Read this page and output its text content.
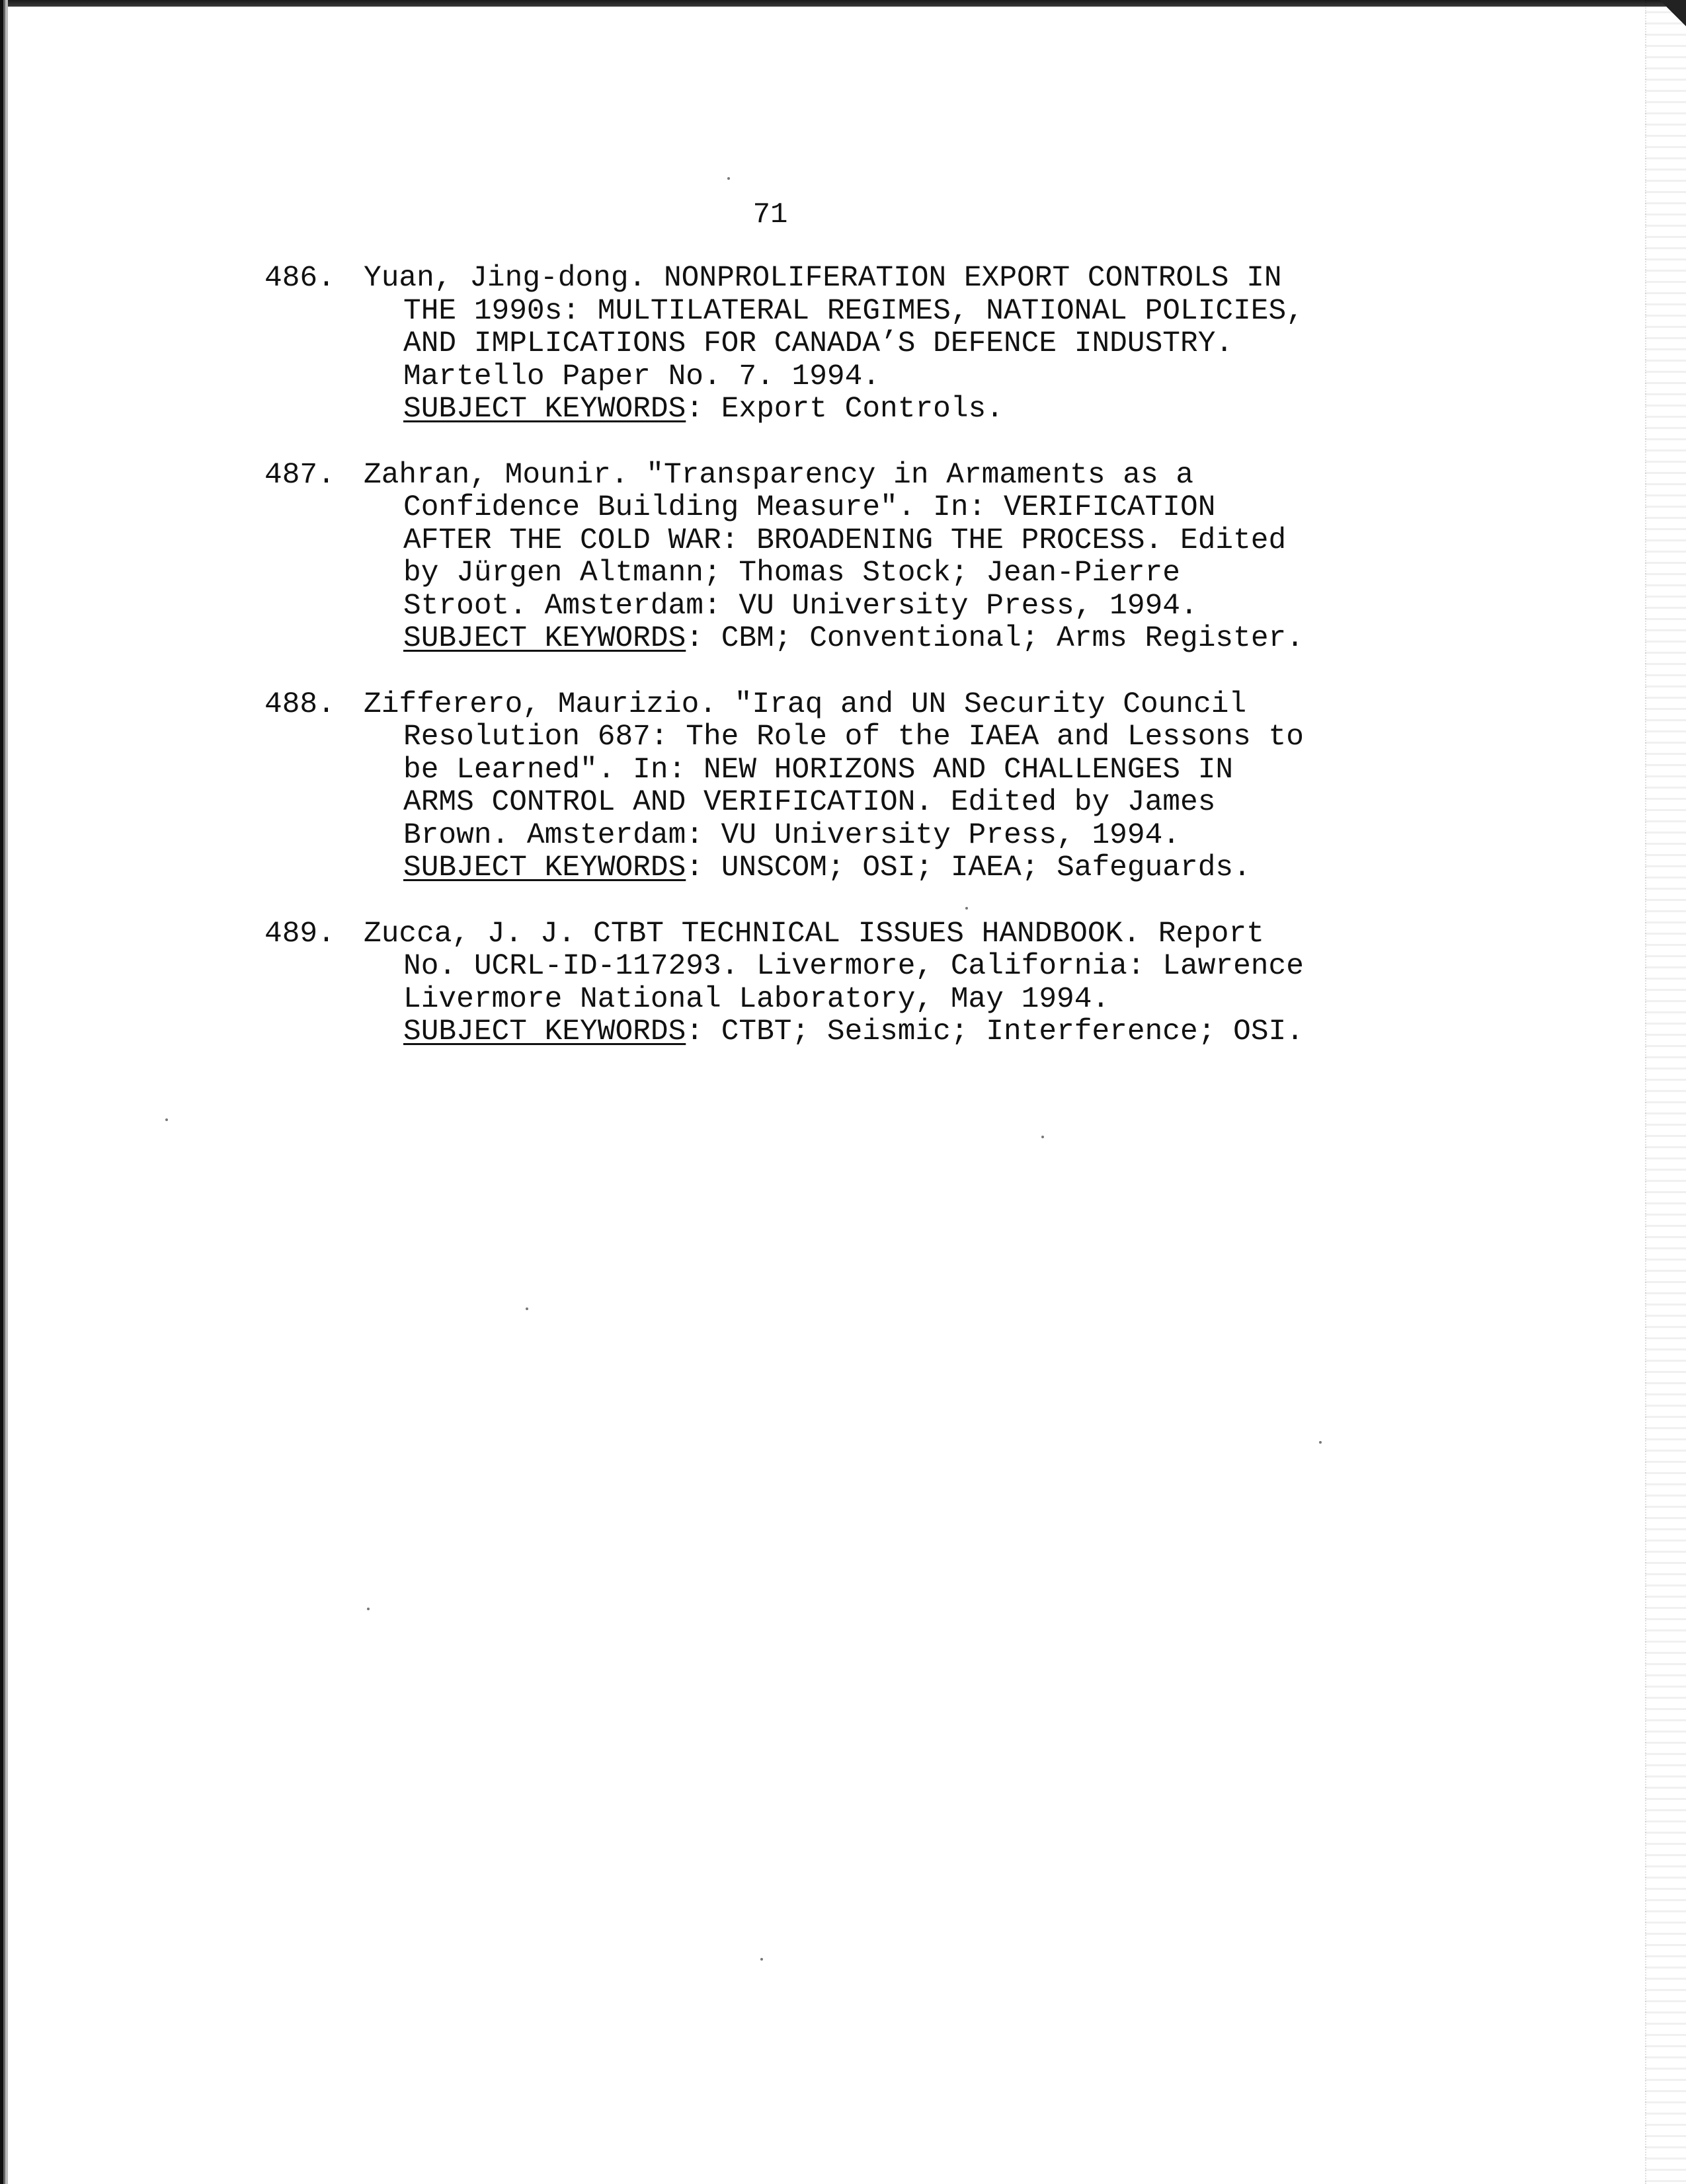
71
486. Yuan, Jing-dong. NONPROLIFERATION EXPORT CONTROLS IN
THE 1990s: MULTILATERAL REGIMES, NATIONAL POLICIES,
AND IMPLICATIONS FOR CANADA’S DEFENCE INDUSTRY.
Martello Paper No. 7. 1994.
SUBJECT KEYWORDS: Export Controls.
487. Zahran, Mounir. "Transparency in Armaments as a
Confidence Building Measure". In: VERIFICATION
AFTER THE COLD WAR: BROADENING THE PROCESS. Edited
by Jürgen Altmann; Thomas Stock; Jean-Pierre
Stroot. Amsterdam: VU University Press, 1994.
SUBJECT KEYWORDS: CBM; Conventional; Arms Register.
488. Zifferero, Maurizio. "Iraq and UN Security Council
Resolution 687: The Role of the IAEA and Lessons to
be Learned". In: NEW HORIZONS AND CHALLENGES IN
ARMS CONTROL AND VERIFICATION. Edited by James
Brown. Amsterdam: VU University Press, 1994.
SUBJECT KEYWORDS: UNSCOM; OSI; IAEA; Safeguards.
489. Zucca, J. J. CTBT TECHNICAL ISSUES HANDBOOK. Report
No. UCRL-ID-117293. Livermore, California: Lawrence
Livermore National Laboratory, May 1994.
SUBJECT KEYWORDS: CTBT; Seismic; Interference; OSI.
